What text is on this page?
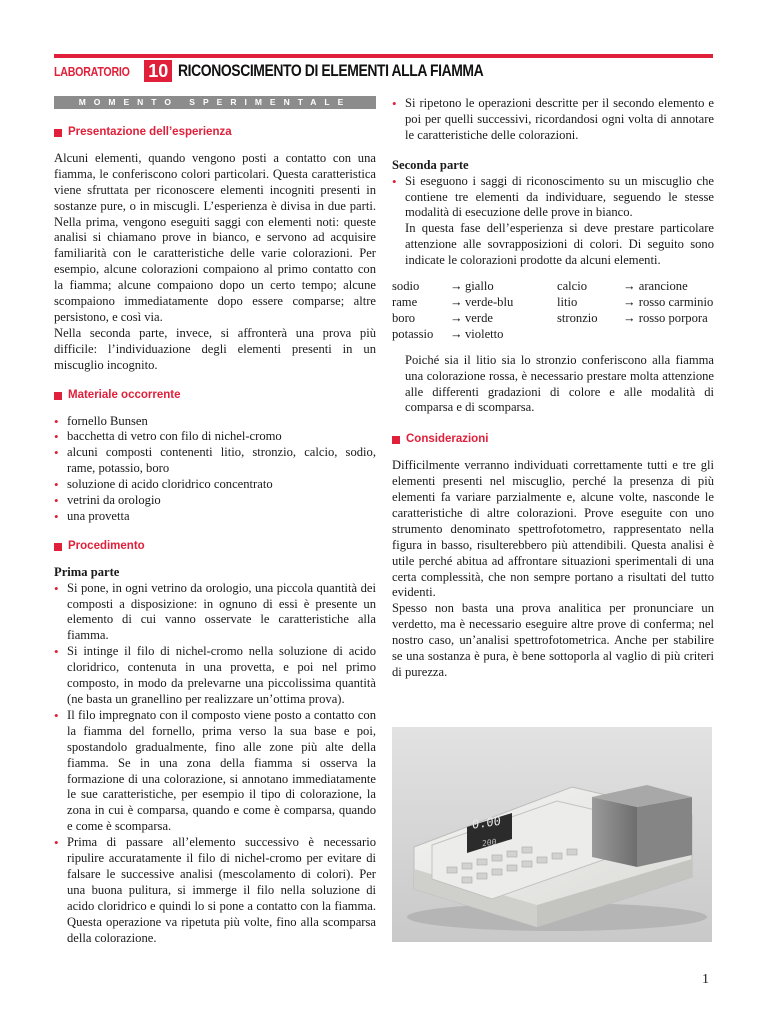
LABORATORIO 10 RICONOSCIMENTO DI ELEMENTI ALLA FIAMMA
MOMENTO SPERIMENTALE
Presentazione dell’esperienza

Alcuni elementi, quando vengono posti a contatto con una fiamma, le conferiscono colori particolari. Questa caratteristica viene sfruttata per riconoscere elementi incogniti presenti in sostanze pure, o in miscugli. L’esperienza è divisa in due parti. Nella prima, vengono eseguiti saggi con elementi noti: queste analisi si chiamano prove in bianco, e servono ad acquisire familiarità con le caratteristiche delle varie colorazioni. Per esempio, alcune colorazioni compaiono al primo contatto con la fiamma; alcune compaiono dopo un certo tempo; alcune scompaiono immediatamente dopo essere comparse; altre persistono, e così via.

Nella seconda parte, invece, si affronterà una prova più difficile: l’individuazione degli elementi presenti in un miscuglio incognito.

Materiale occorrente
• fornello Bunsen
• bacchetta di vetro con filo di nichel-cromo
• alcuni composti contenenti litio, stronzio, calcio, sodio, rame, potassio, boro
• soluzione di acido cloridrico concentrato
• vetrini da orologio
• una provetta
Procedimento

Prima parte

• Si pone, in ogni vetrino da orologio, una piccola quantità dei composti a disposizione: in ognuno di essi è presente un elemento di cui vanno osservate le caratteristiche alla fiamma.
• Si intinge il filo di nichel-cromo nella soluzione di acido cloridrico, contenuta in una provetta, e poi nel primo composto, in modo da prelevarne una piccolissima quantità (ne basta un granellino per realizzare un’ottima prova).
• Il filo impregnato con il composto viene posto a contatto con la fiamma del fornello, prima verso la sua base e poi, spostandolo gradualmente, fino alle zone più alte della fiamma. Se in una zona della fiamma si osserva la formazione di una colorazione, si annotano immediatamente le sue caratteristiche, per esempio il tipo di colorazione, la zona in cui è comparsa, quando e come è comparsa, quando e come è scomparsa.
• Prima di passare all’elemento successivo è necessario ripulire accuratamente il filo di nichel-cromo per evitare di falsare le successive analisi (mescolamento di colori). Per una buona pulitura, si immerge il filo nella soluzione di acido cloridrico e quindi lo si pone a contatto con la fiamma. Questa operazione va ripetuta più volte, fino alla scomparsa della colorazione.
• Si ripetono le operazioni descritte per il secondo elemento e poi per quelli successivi, ricordandosi ogni volta di annotare le caratteristiche delle colorazioni.

Seconda parte

• Si eseguono i saggi di riconoscimento su un miscuglio che contiene tre elementi da individuare, seguendo le stesse modalità di esecuzione delle prove in bianco.

In questa fase dell’esperienza si deve prestare particolare attenzione alle sovrapposizioni di colori. Di seguito sono indicate le colorazioni prodotte da alcuni elementi.

sodio	→ giallo	calcio	→ arancione
rame	→ verde-blu	litio	→ rosso carminio
boro	→ verde	stronzio	→ rosso porpora
potassio	→ violetto

Poiché sia il litio sia lo stronzio conferiscono alla fiamma una colorazione rossa, è necessario prestare molta attenzione alle differenti gradazioni di colore e alle modalità di comparsa e di scomparsa.

Considerazioni

Difficilmente verranno individuati correttamente tutti e tre gli elementi presenti nel miscuglio, perché la presenza di più elementi fa variare parzialmente e, alcune volte, nasconde le caratteristiche di altre colorazioni. Prove eseguite con uno strumento denominato spettrofotometro, rappresentato nella figura in basso, risulterebbero più attendibili. Questa analisi è utile perché abitua ad affrontare situazioni sperimentali di una certa complessità, che non sempre portano a risultati del tutto evidenti.

Spesso non basta una prova analitica per pronunciare un verdetto, ma è necessario eseguire altre prove di conferma; nel nostro caso, un’analisi spettrofotometrica. Anche per stabilire se una sostanza è pura, è bene sottoporla al vaglio di più criteri di purezza.

0.00
200
1
